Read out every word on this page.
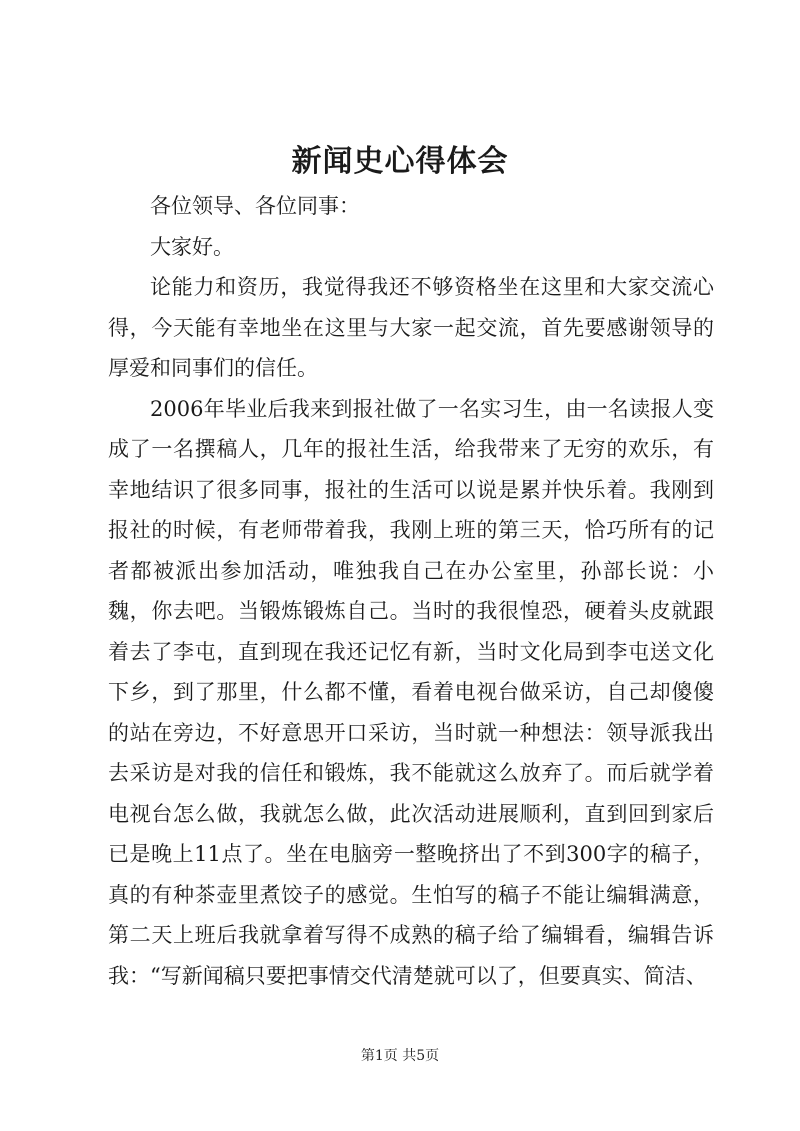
新闻史心得体会

各位领导、各位同事：

大家好。

论能力和资历，我觉得我还不够资格坐在这里和大家交流心得，今天能有幸地坐在这里与大家一起交流，首先要感谢领导的厚爱和同事们的信任。

2006年毕业后我来到报社做了一名实习生，由一名读报人变成了一名撰稿人，几年的报社生活，给我带来了无穷的欢乐，有幸地结识了很多同事，报社的生活可以说是累并快乐着。我刚到报社的时候，有老师带着我，我刚上班的第三天，恰巧所有的记者都被派出参加活动，唯独我自己在办公室里，孙部长说：小魏，你去吧。当锻炼锻炼自己。当时的我很惶恐，硬着头皮就跟着去了李屯，直到现在我还记忆有新，当时文化局到李屯送文化下乡，到了那里，什么都不懂，看着电视台做采访，自己却傻傻的站在旁边，不好意思开口采访，当时就一种想法：领导派我出去采访是对我的信任和锻炼，我不能就这么放弃了。而后就学着电视台怎么做，我就怎么做，此次活动进展顺利，直到回到家后已是晚上11点了。坐在电脑旁一整晚挤出了不到300字的稿子，真的有种茶壶里煮饺子的感觉。生怕写的稿子不能让编辑满意，第二天上班后我就拿着写得不成熟的稿子给了编辑看，编辑告诉我：“写新闻稿只要把事情交代清楚就可以了，但要真实、简洁、

第1页 共5页
